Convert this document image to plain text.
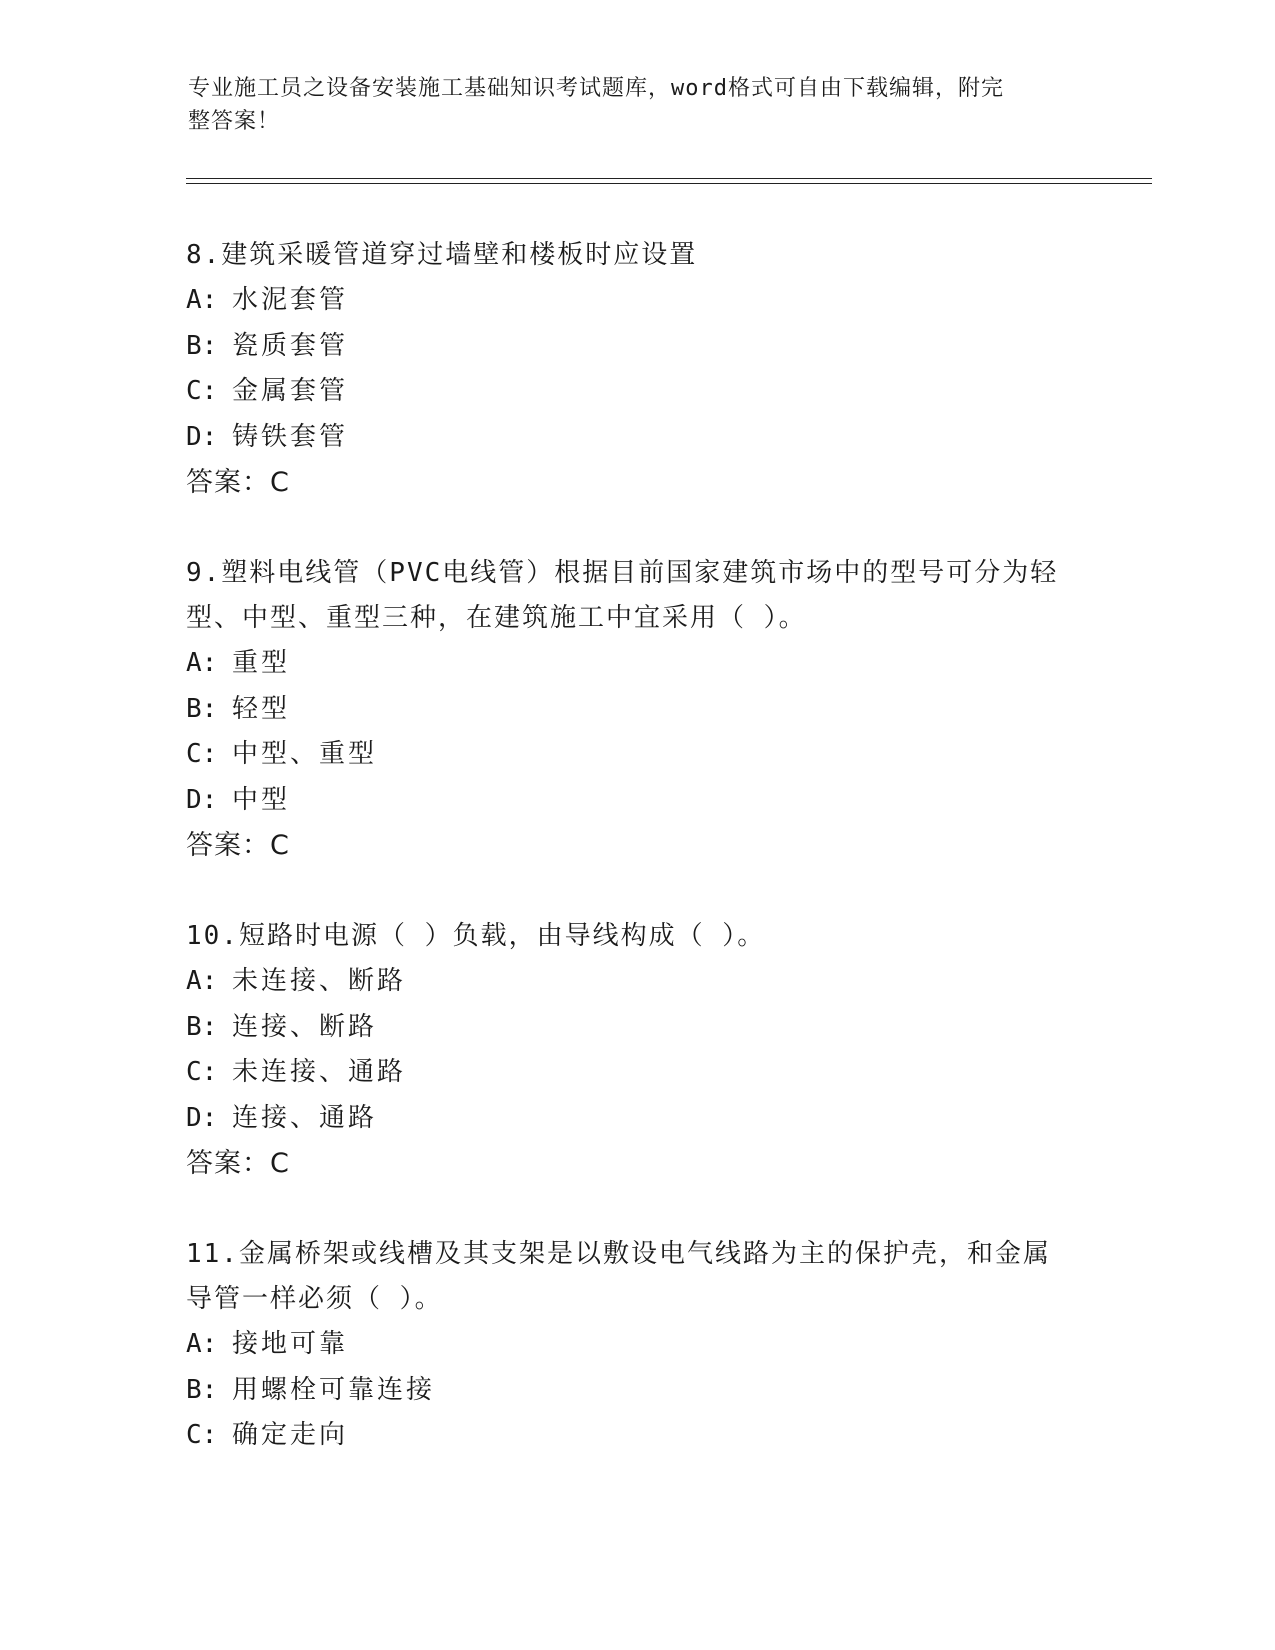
专业施工员之设备安装施工基础知识考试题库，word格式可自由下载编辑，附完
整答案！
8.建筑采暖管道穿过墙壁和楼板时应设置
A: 水泥套管
B: 瓷质套管
C: 金属套管
D: 铸铁套管
答案：C
9.塑料电线管（PVC电线管）根据目前国家建筑市场中的型号可分为轻
型、中型、重型三种，在建筑施工中宜采用（ ）。
A: 重型
B: 轻型
C: 中型、重型
D: 中型
答案：C
10.短路时电源（ ）负载，由导线构成（ ）。
A: 未连接、断路
B: 连接、断路
C: 未连接、通路
D: 连接、通路
答案：C
11.金属桥架或线槽及其支架是以敷设电气线路为主的保护壳，和金属
导管一样必须（ ）。
A: 接地可靠
B: 用螺栓可靠连接
C: 确定走向
